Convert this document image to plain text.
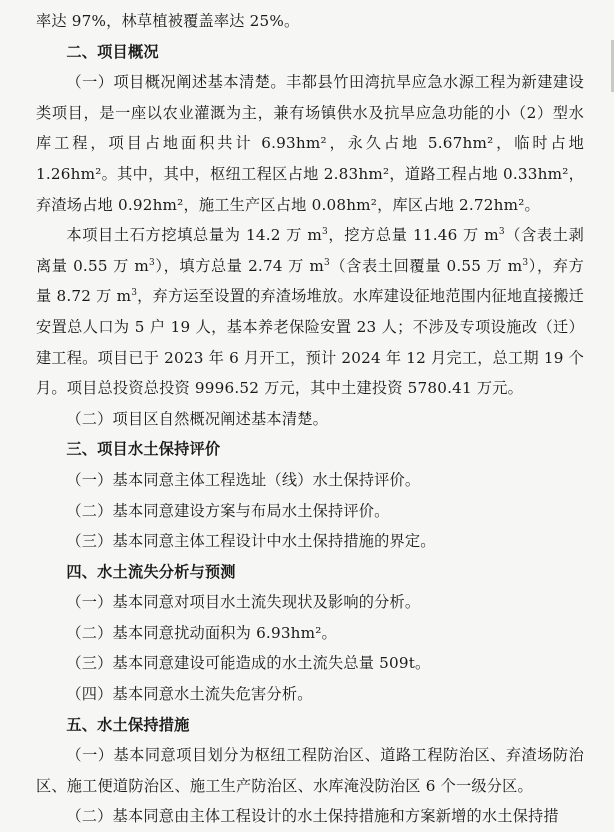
率达 97%，林草植被覆盖率达 25%。

二、项目概况

（一）项目概况阐述基本清楚。丰都县竹田湾抗旱应急水源工程为新建建设类项目，是一座以农业灌溉为主，兼有场镇供水及抗旱应急功能的小（2）型水库工程，项目占地面积共计 6.93hm²，永久占地 5.67hm²，临时占地 1.26hm²。其中，其中，枢纽工程区占地 2.83hm²，道路工程占地 0.33hm²，弃渣场占地 0.92hm²，施工生产区占地 0.08hm²，库区占地 2.72hm²。

本项目土石方挖填总量为 14.2 万 $m^3$，挖方总量 11.46 万 $m^3$（含表土剥离量 0.55 万 $m^3$），填方总量 2.74 万 $m^3$（含表土回覆量 0.55 万 $m^3$），弃方量 8.72 万 $m^3$，弃方运至设置的弃渣场堆放。水库建设征地范围内征地直接搬迁安置总人口为 5 户 19 人，基本养老保险安置 23 人；不涉及专项设施改（迁）建工程。项目已于 2023 年 6 月开工，预计 2024 年 12 月完工，总工期 19 个月。项目总投资总投资 9996.52 万元，其中土建投资 5780.41 万元。

（二）项目区自然概况阐述基本清楚。

三、项目水土保持评价

（一）基本同意主体工程选址（线）水土保持评价。

（二）基本同意建设方案与布局水土保持评价。

（三）基本同意主体工程设计中水土保持措施的界定。

四、水土流失分析与预测

（一）基本同意对项目水土流失现状及影响的分析。

（二）基本同意扰动面积为 6.93hm²。

（三）基本同意建设可能造成的水土流失总量 509t。

（四）基本同意水土流失危害分析。

五、水土保持措施

（一）基本同意项目划分为枢纽工程防治区、道路工程防治区、弃渣场防治区、施工便道防治区、施工生产防治区、水库淹没防治区 6 个一级分区。

（二）基本同意由主体工程设计的水土保持措施和方案新增的水土保持措
